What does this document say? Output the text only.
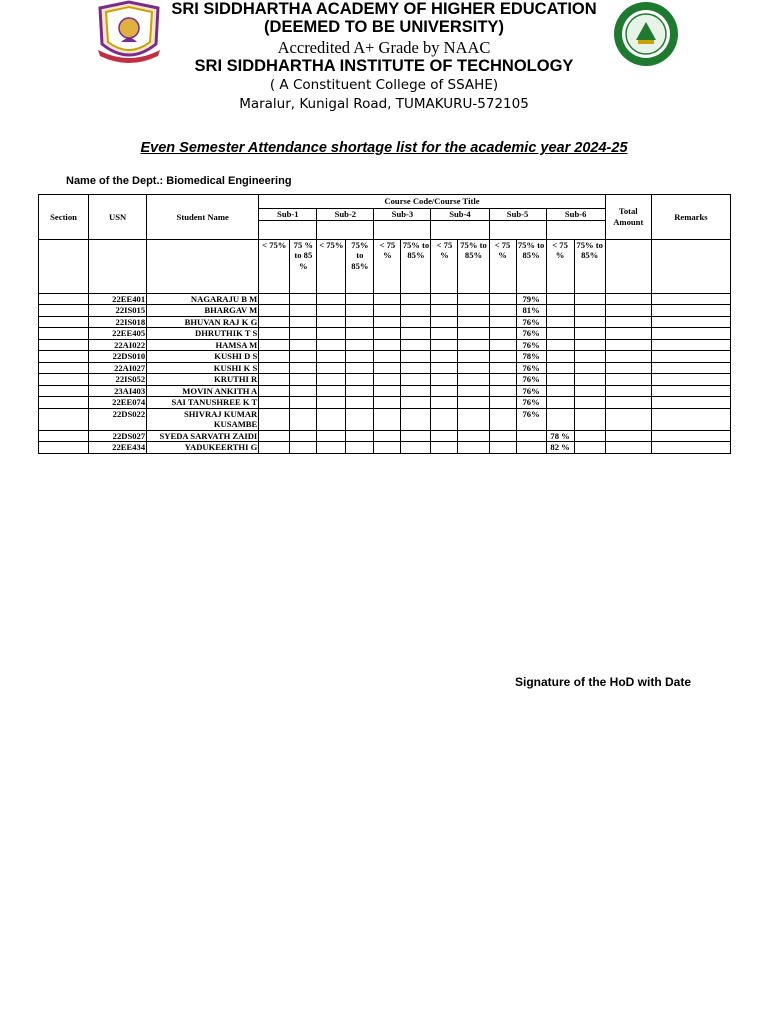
SRI SIDDHARTHA ACADEMY OF HIGHER EDUCATION
(DEEMED TO BE UNIVERSITY)
Accredited A+ Grade by NAAC
SRI SIDDHARTHA INSTITUTE OF TECHNOLOGY
( A Constituent College of SSAHE)
Maralur, Kunigal Road, TUMAKURU-572105
Even Semester Attendance shortage list for the academic year 2024-25
Name of the Dept.: Biomedical Engineering
Section	USN	Student Name	Course Code/Course Title												Total Amount	Remarks
			Sub-1		Sub-2		Sub-3		Sub-4		Sub-5		Sub-6			

			< 75%	75 % to 85 %	< 75%	75% to 85%	< 75 %	75% to 85%	< 75 %	75% to 85%	< 75 %	75% to 85%	< 75 %	75% to 85%		
	22EE401	NAGARAJU B M										79%				
	22IS015	BHARGAV M										81%				
	22IS018	BHUVAN RAJ K G										76%				
	22EE405	DHRUTHIK T S										76%				
	22AI022	HAMSA M										76%				
	22DS010	KUSHI D S										78%				
	22AI027	KUSHI K S										76%				
	22IS052	KRUTHI R										76%				
	23AI403	MOVIN ANKITH A										76%				
	22EE074	SAI TANUSHREE K T										76%				
	22DS022	SHIVRAJ KUMAR KUSAMBE										76%				
	22DS027	SYEDA SARVATH ZAIDI											78 %			
	22EE434	YADUKEERTHI G											82 %			
Signature of the HoD with Date
